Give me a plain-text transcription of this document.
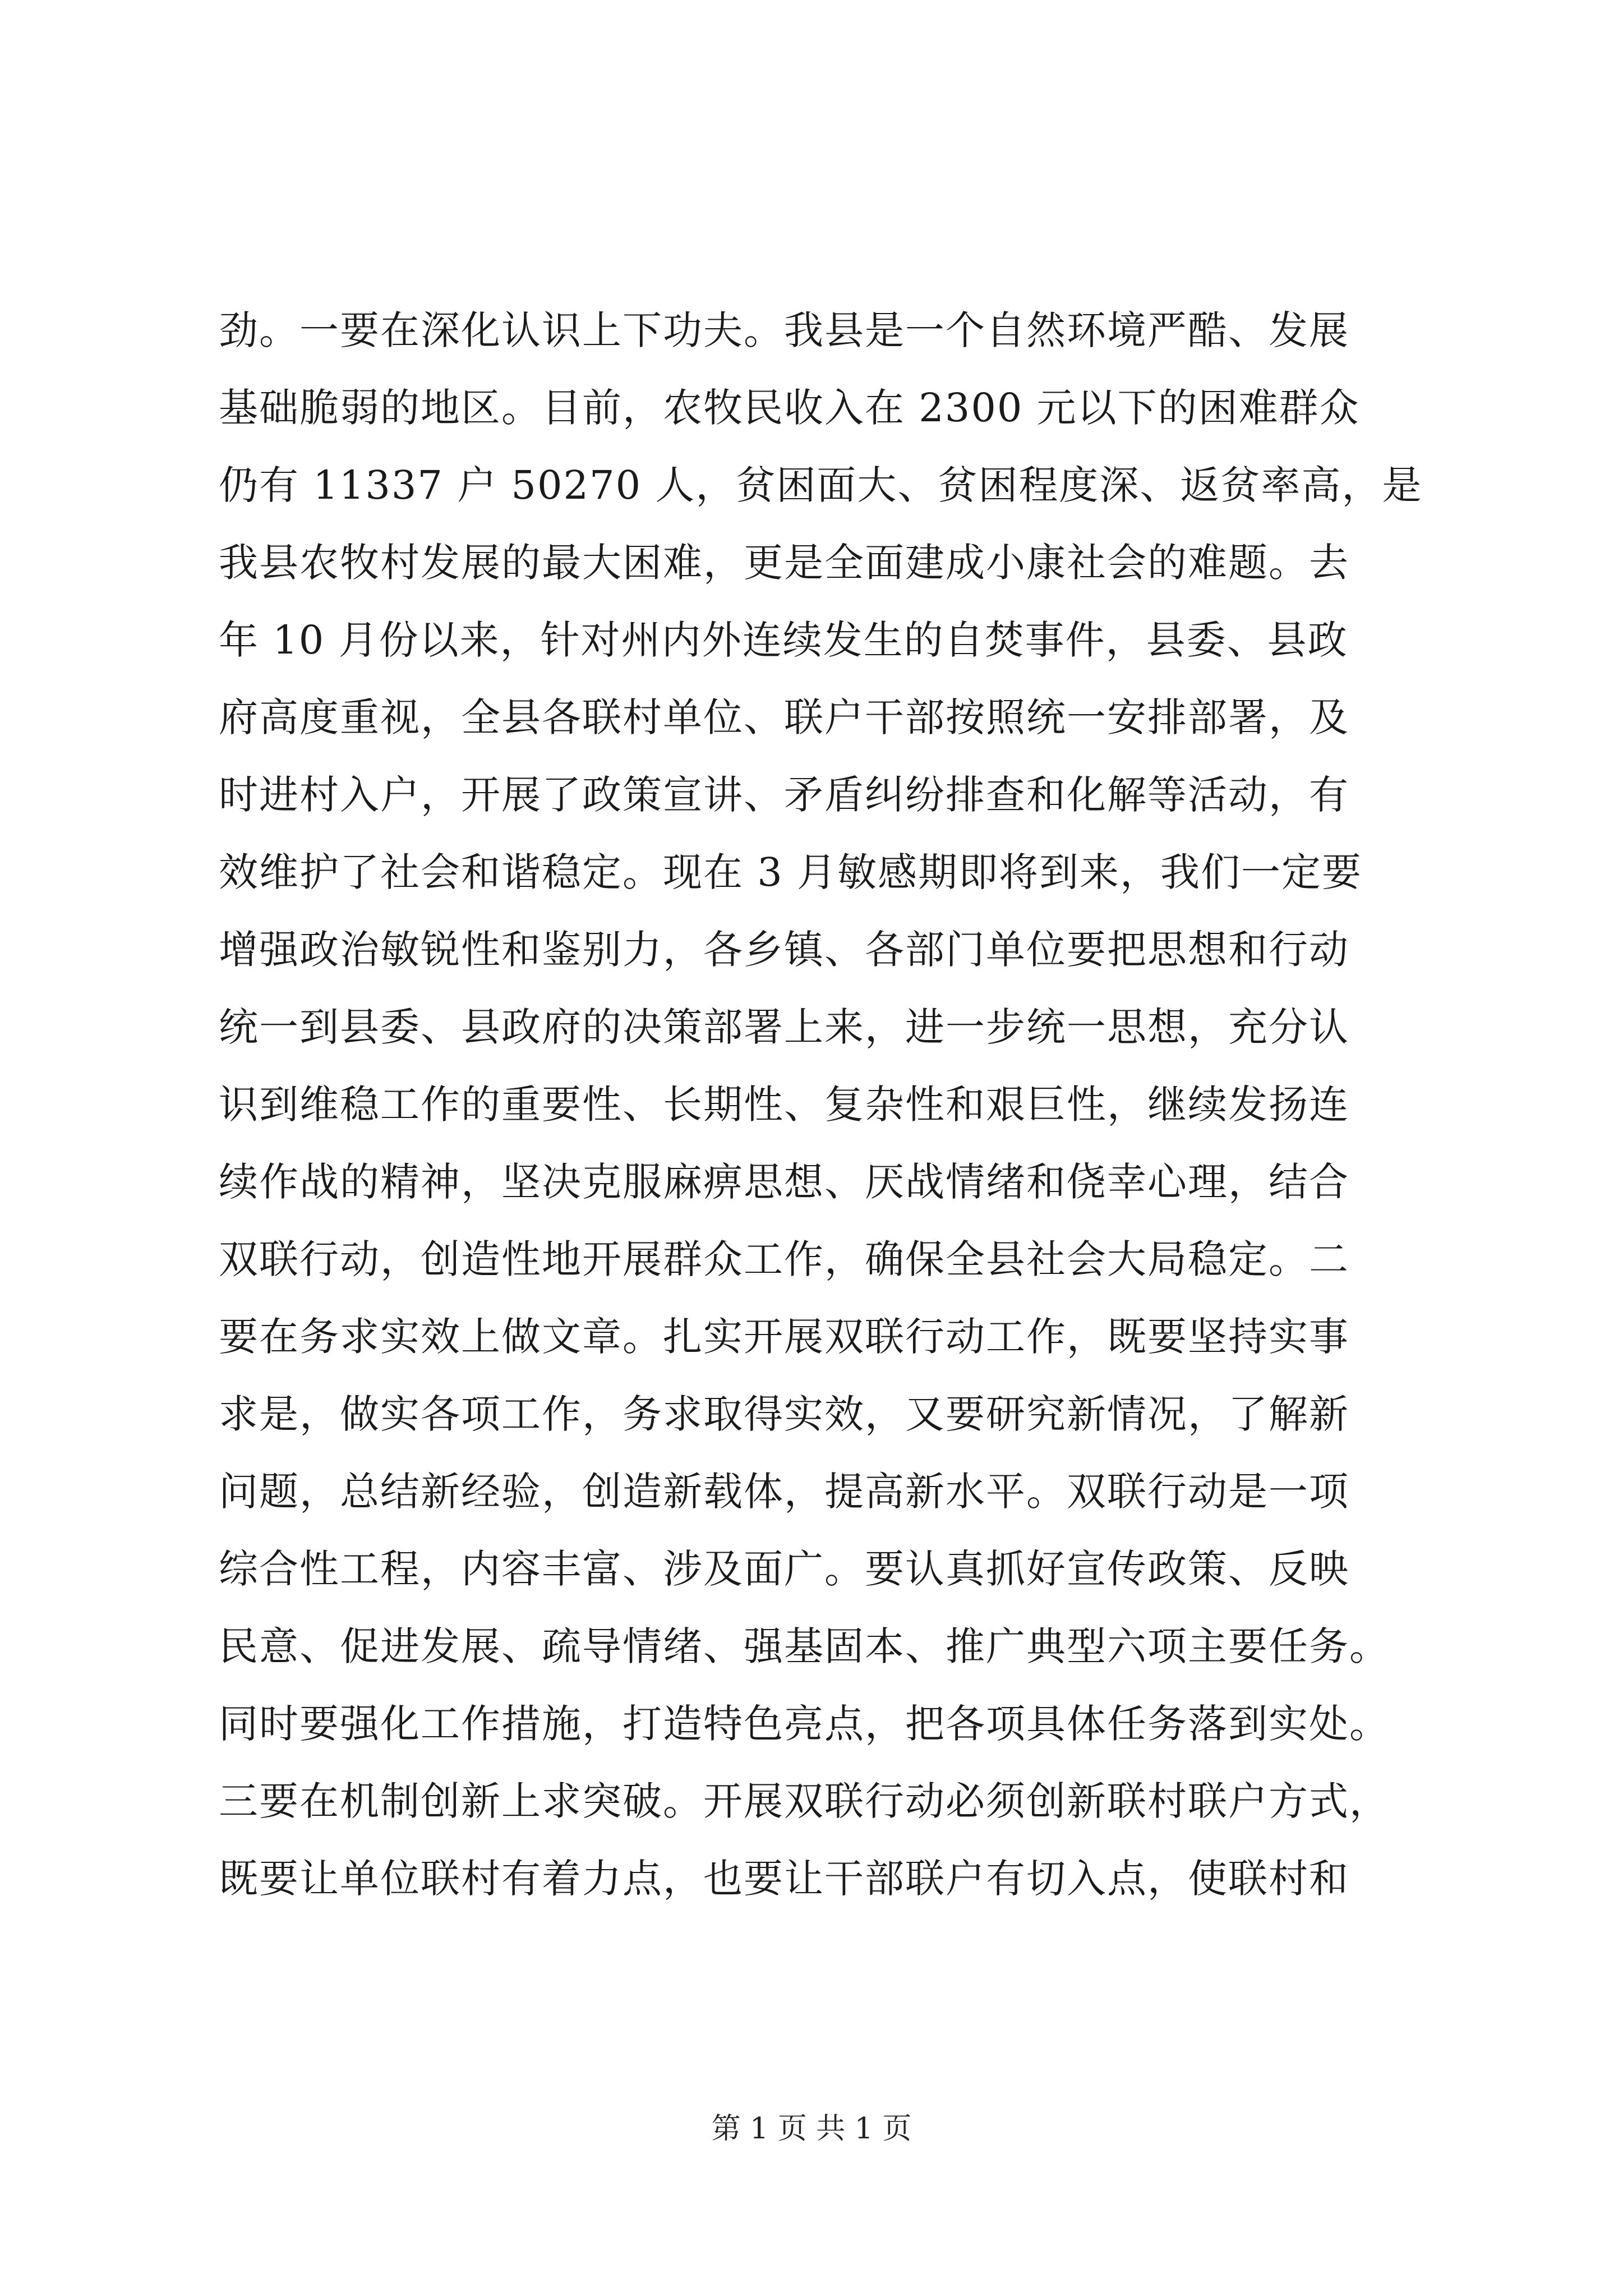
劲。一要在深化认识上下功夫。我县是一个自然环境严酷、发展
基础脆弱的地区。目前，农牧民收入在 2300 元以下的困难群众
仍有 11337 户 50270 人，贫困面大、贫困程度深、返贫率高，是
我县农牧村发展的最大困难，更是全面建成小康社会的难题。去
年 10 月份以来，针对州内外连续发生的自焚事件，县委、县政
府高度重视，全县各联村单位、联户干部按照统一安排部署，及
时进村入户，开展了政策宣讲、矛盾纠纷排查和化解等活动，有
效维护了社会和谐稳定。现在 3 月敏感期即将到来，我们一定要
增强政治敏锐性和鉴别力，各乡镇、各部门单位要把思想和行动
统一到县委、县政府的决策部署上来，进一步统一思想，充分认
识到维稳工作的重要性、长期性、复杂性和艰巨性，继续发扬连
续作战的精神，坚决克服麻痹思想、厌战情绪和侥幸心理，结合
双联行动，创造性地开展群众工作，确保全县社会大局稳定。二
要在务求实效上做文章。扎实开展双联行动工作，既要坚持实事
求是，做实各项工作，务求取得实效，又要研究新情况，了解新
问题，总结新经验，创造新载体，提高新水平。双联行动是一项
综合性工程，内容丰富、涉及面广。要认真抓好宣传政策、反映
民意、促进发展、疏导情绪、强基固本、推广典型六项主要任务。
同时要强化工作措施，打造特色亮点，把各项具体任务落到实处。
三要在机制创新上求突破。开展双联行动必须创新联村联户方式，
既要让单位联村有着力点，也要让干部联户有切入点，使联村和
第 1 页 共 1 页
